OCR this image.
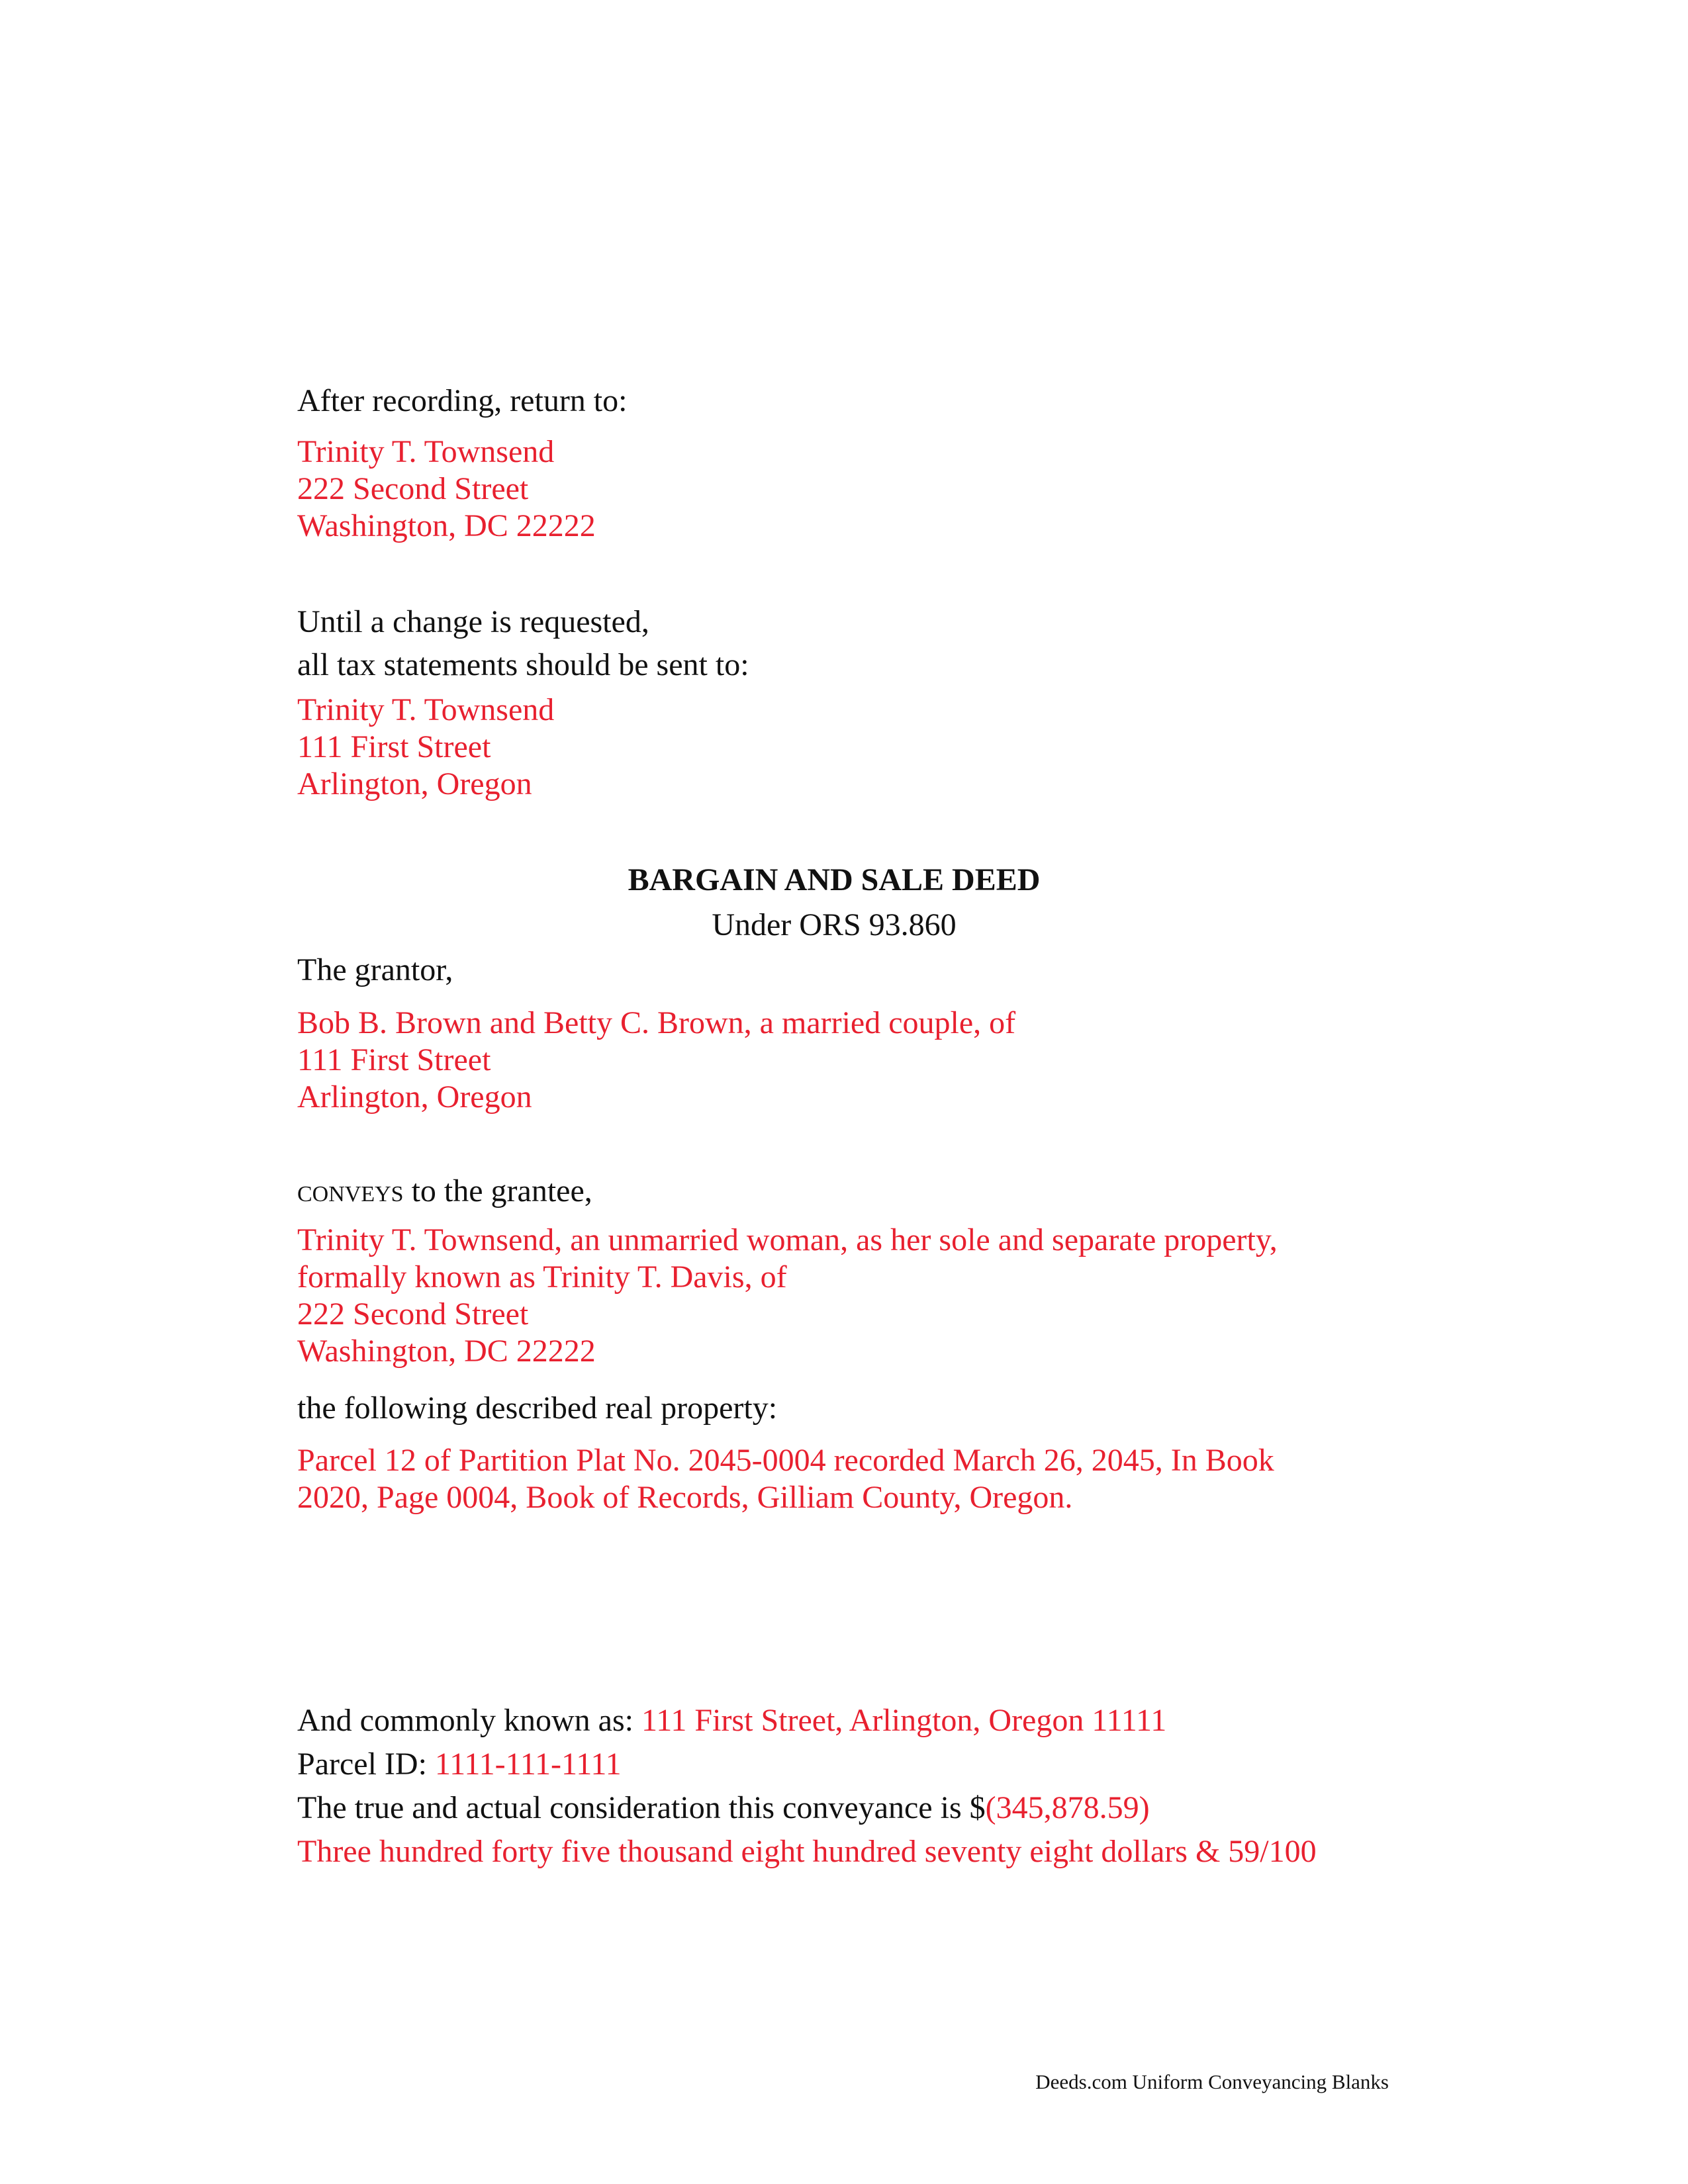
After recording, return to:
Trinity T. Townsend
222 Second Street
Washington, DC 22222
Until a change is requested,
all tax statements should be sent to:
Trinity T. Townsend
111 First Street
Arlington, Oregon
BARGAIN AND SALE DEED
Under ORS 93.860
The grantor,
Bob B. Brown and Betty C. Brown, a married couple, of
111 First Street
Arlington, Oregon
CONVEYS to the grantee,
Trinity T. Townsend, an unmarried woman, as her sole and separate property,
formally known as Trinity T. Davis, of
222 Second Street
Washington, DC 22222
the following described real property:
Parcel 12 of Partition Plat No. 2045-0004 recorded March 26, 2045, In Book
2020, Page 0004, Book of Records, Gilliam County, Oregon.
And commonly known as: 111 First Street, Arlington, Oregon 11111
Parcel ID: 1111-111-1111
The true and actual consideration this conveyance is $(345,878.59)
Three hundred forty five thousand eight hundred seventy eight dollars & 59/100
Deeds.com Uniform Conveyancing Blanks
